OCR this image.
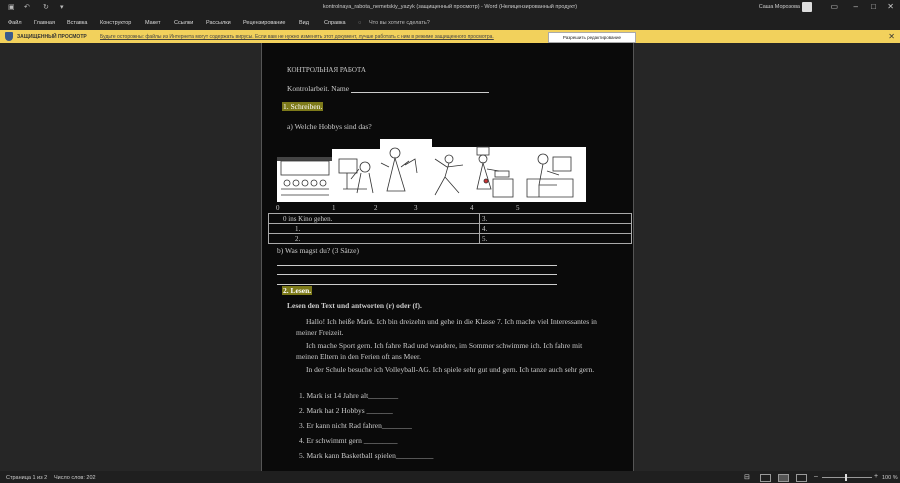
▣ ↶ ↻ ▾	kontrolnaya_rabota_nemetskiy_yazyk (защищенный просмотр) - Word (Нелицензированный продукт)	Саша Морозова	▭ – □ ✕
Файл Главная Вставка Конструктор Макет Ссылки Рассылки Рецензирование Вид	Справка ◌ Что вы хотите сделать?
ЗАЩИЩЕННЫЙ ПРОСМОТР	Будьте осторожны: файлы из Интернета могут содержать вирусы. Если вам не нужно изменять этот документ, лучше работать с ним в режиме защищенного просмотра.	Разрешить редактирование	✕
КОНТРОЛЬНАЯ РАБОТА
Kontrolarbeit. Name
1. Schreiben.
a) Welche Hobbys sind das?
0	1	2	3	4	5
0 ins Kino gehen.	3.
1.	4.
2.	5.
b) Was magst du? (3 Sätze)
2. Lesen.
Lesen den Text und antworten (r) oder (f).
Hallo! Ich heiße Mark. Ich bin dreizehn und gehe in die Klasse 7. Ich mache viel Interessantes in meiner Freizeit.
Ich mache Sport gern. Ich fahre Rad und wandere, im Sommer schwimme ich. Ich fahre mit meinen Eltern in den Ferien oft ans Meer.
In der Schule besuche ich Volleyball-AG. Ich spiele sehr gut und gern. Ich tanze auch sehr gern.
1. Mark ist 14 Jahre alt________
2. Mark hat 2 Hobbys _______
3. Er kann nicht Rad fahren________
4. Er schwimmt gern _________
5. Mark kann Basketball spielen__________
Страница 1 из 2 Число слов: 202	⊟	–	+ 100 %
